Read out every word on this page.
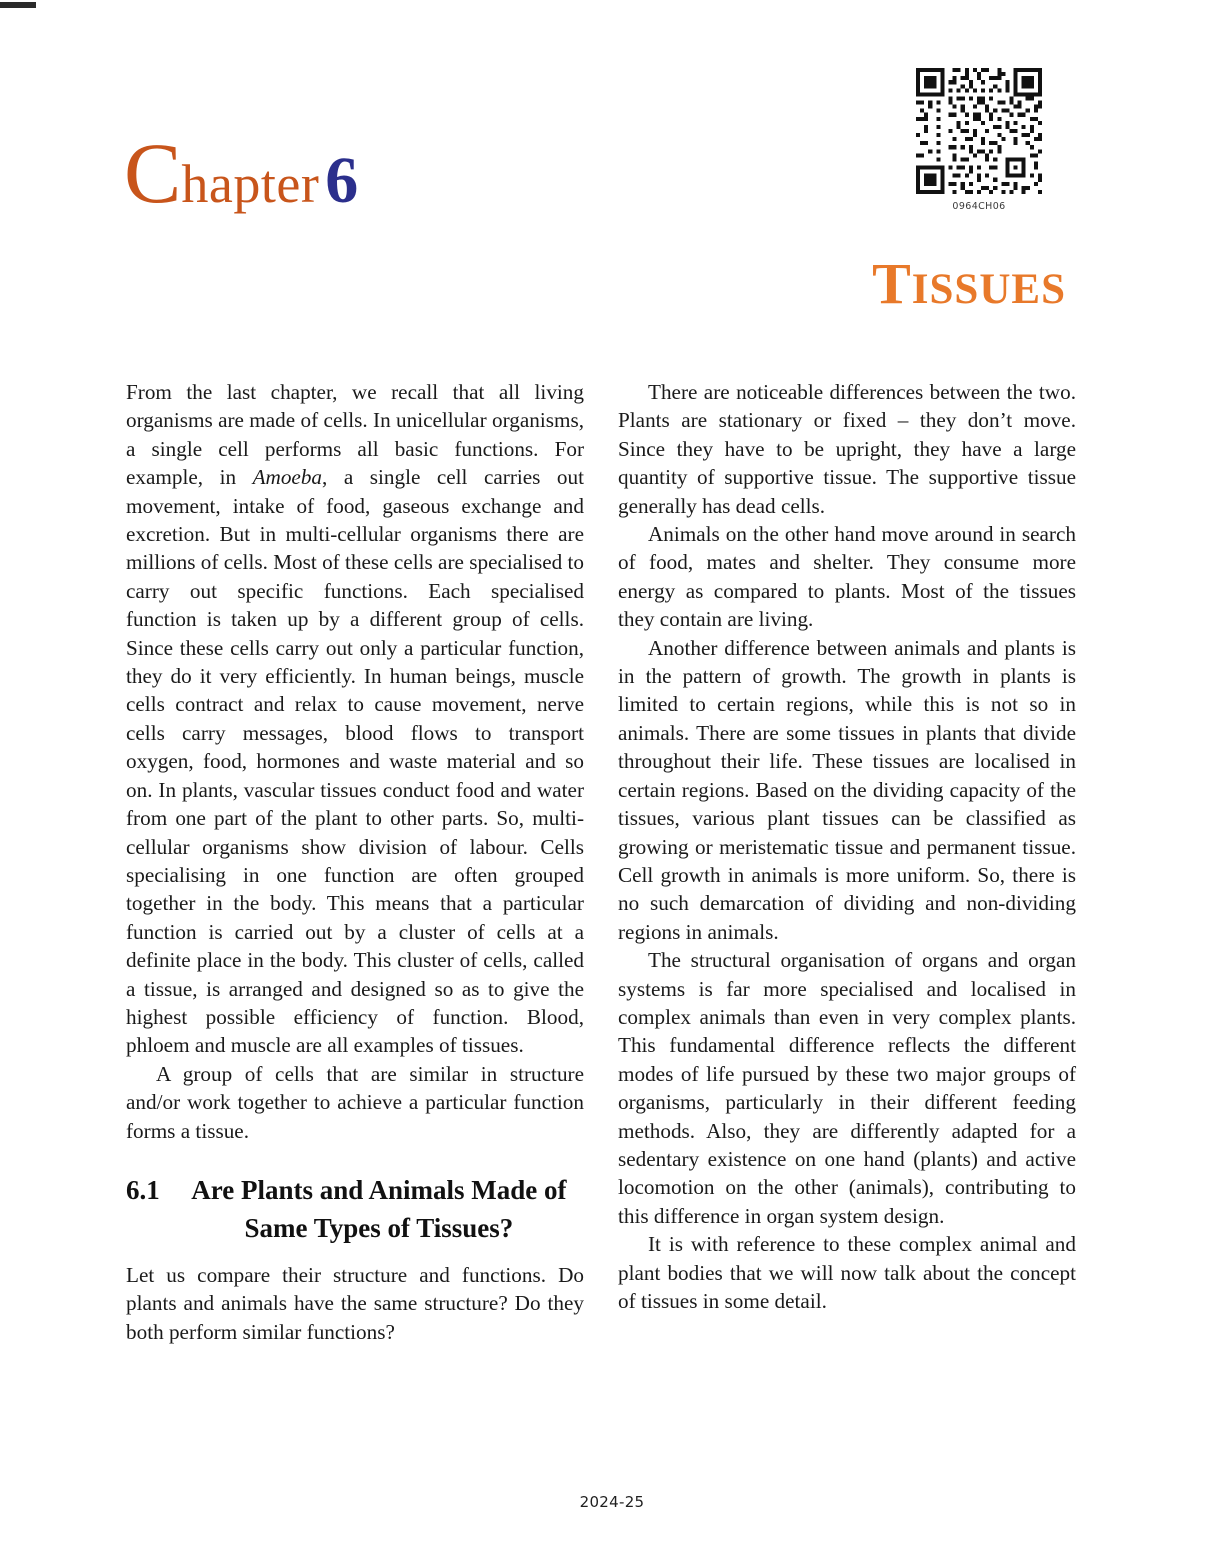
Chapter6	0964CH06
TISSUES

From the last chapter, we recall that all living organisms are made of cells. In unicellular organisms, a single cell performs all basic functions. For example, in Amoeba, a single cell carries out movement, intake of food, gaseous exchange and excretion. But in multi-cellular organisms there are millions of cells. Most of these cells are specialised to carry out specific functions. Each specialised function is taken up by a different group of cells. Since these cells carry out only a particular function, they do it very efficiently. In human beings, muscle cells contract and relax to cause movement, nerve cells carry messages, blood flows to transport oxygen, food, hormones and waste material and so on. In plants, vascular tissues conduct food and water from one part of the plant to other parts. So, multi-cellular organisms show division of labour. Cells specialising in one function are often grouped together in the body. This means that a particular function is carried out by a cluster of cells at a definite place in the body. This cluster of cells, called a tissue, is arranged and designed so as to give the highest possible efficiency of function. Blood, phloem and muscle are all examples of tissues.

A group of cells that are similar in structure and/or work together to achieve a particular function forms a tissue.

6.1	Are Plants and Animals Made of Same Types of Tissues?

Let us compare their structure and functions. Do plants and animals have the same structure? Do they both perform similar functions?

There are noticeable differences between the two. Plants are stationary or fixed – they don’t move. Since they have to be upright, they have a large quantity of supportive tissue. The supportive tissue generally has dead cells.

Animals on the other hand move around in search of food, mates and shelter. They consume more energy as compared to plants. Most of the tissues they contain are living.

Another difference between animals and plants is in the pattern of growth. The growth in plants is limited to certain regions, while this is not so in animals. There are some tissues in plants that divide throughout their life. These tissues are localised in certain regions. Based on the dividing capacity of the tissues, various plant tissues can be classified as growing or meristematic tissue and permanent tissue. Cell growth in animals is more uniform. So, there is no such demarcation of dividing and non-dividing regions in animals.

The structural organisation of organs and organ systems is far more specialised and localised in complex animals than even in very complex plants. This fundamental difference reflects the different modes of life pursued by these two major groups of organisms, particularly in their different feeding methods. Also, they are differently adapted for a sedentary existence on one hand (plants) and active locomotion on the other (animals), contributing to this difference in organ system design.

It is with reference to these complex animal and plant bodies that we will now talk about the concept of tissues in some detail.

2024-25
